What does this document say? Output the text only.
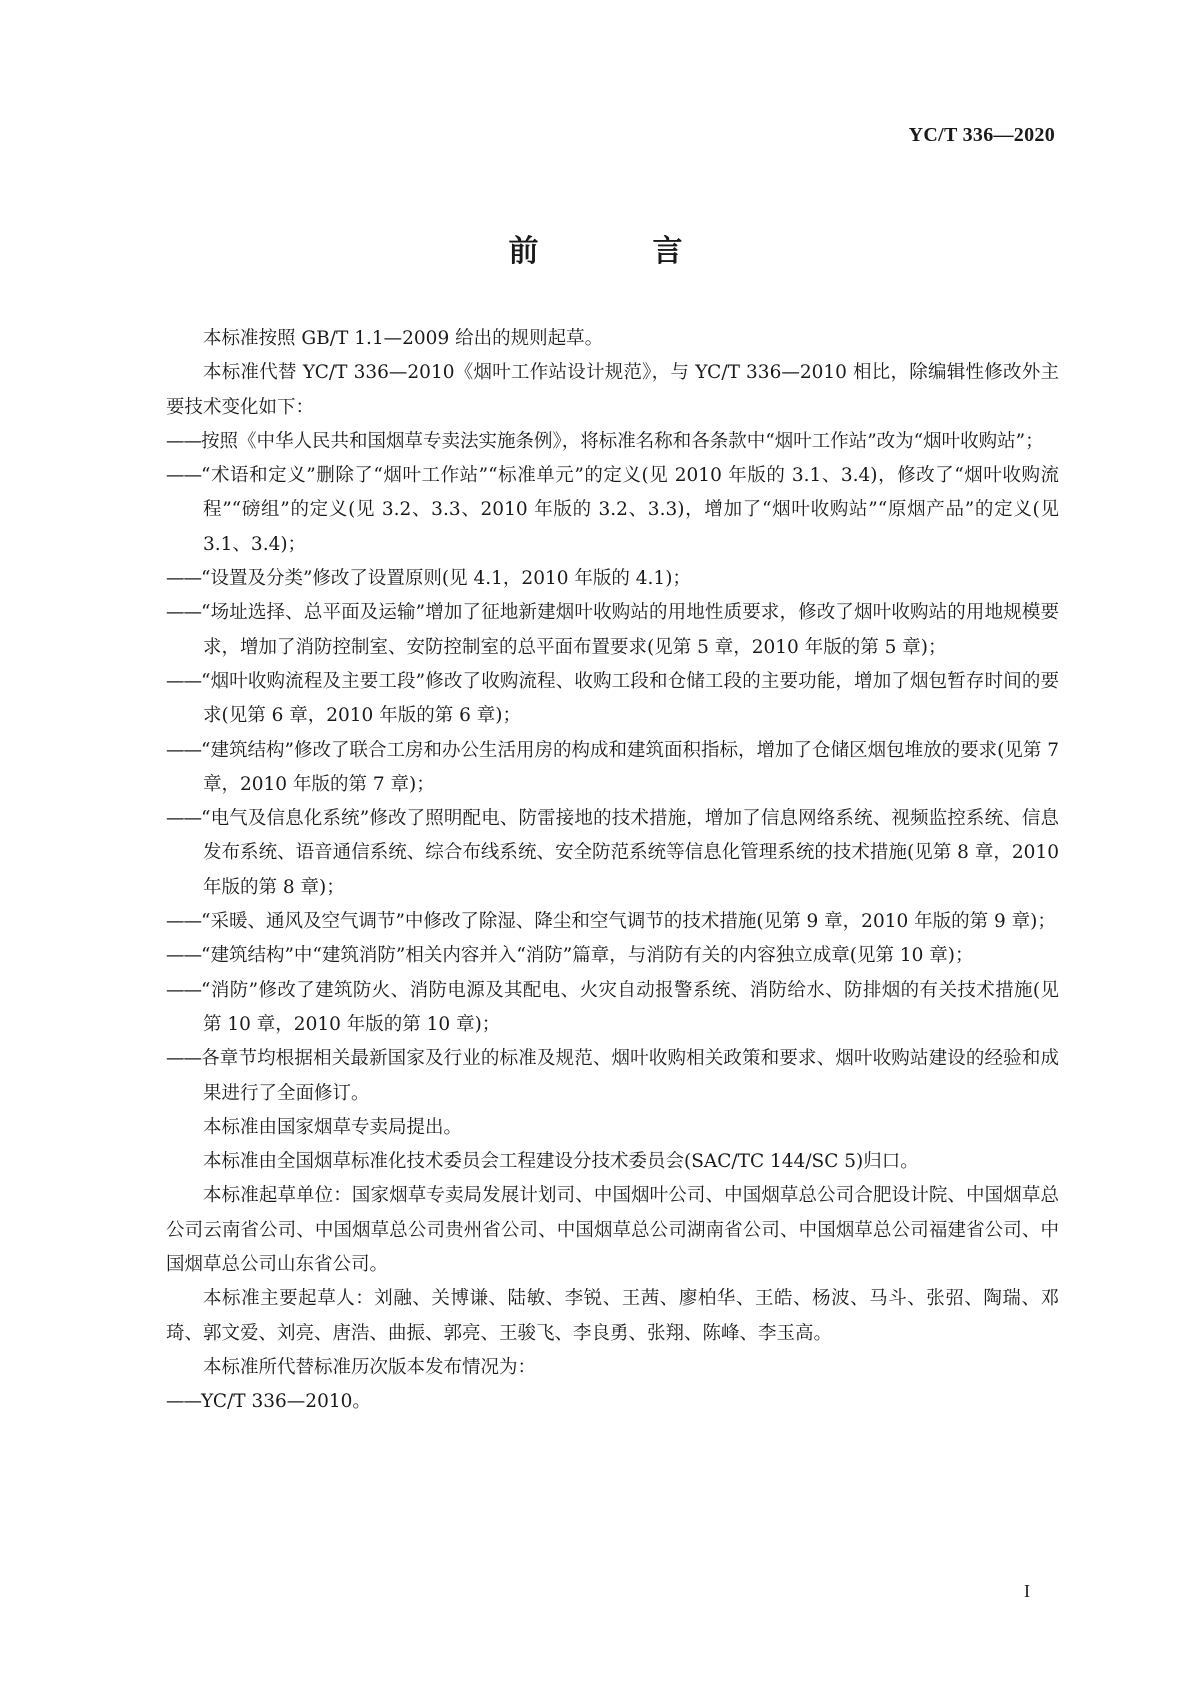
YC/T 336—2020
前　言

本标准按照 GB/T 1.1—2009 给出的规则起草。

本标准代替 YC/T 336—2010《烟叶工作站设计规范》，与 YC/T 336—2010 相比，除编辑性修改外主要技术变化如下：

——按照《中华人民共和国烟草专卖法实施条例》，将标准名称和各条款中“烟叶工作站”改为“烟叶收购站”；

——“术语和定义”删除了“烟叶工作站”“标准单元”的定义(见 2010 年版的 3.1、3.4)，修改了“烟叶收购流程”“磅组”的定义(见 3.2、3.3、2010 年版的 3.2、3.3)，增加了“烟叶收购站”“原烟产品”的定义(见 3.1、3.4)；

——“设置及分类”修改了设置原则(见 4.1，2010 年版的 4.1)；

——“场址选择、总平面及运输”增加了征地新建烟叶收购站的用地性质要求，修改了烟叶收购站的用地规模要求，增加了消防控制室、安防控制室的总平面布置要求(见第 5 章，2010 年版的第 5 章)；

——“烟叶收购流程及主要工段”修改了收购流程、收购工段和仓储工段的主要功能，增加了烟包暂存时间的要求(见第 6 章，2010 年版的第 6 章)；

——“建筑结构”修改了联合工房和办公生活用房的构成和建筑面积指标，增加了仓储区烟包堆放的要求(见第 7 章，2010 年版的第 7 章)；

——“电气及信息化系统”修改了照明配电、防雷接地的技术措施，增加了信息网络系统、视频监控系统、信息发布系统、语音通信系统、综合布线系统、安全防范系统等信息化管理系统的技术措施(见第 8 章，2010 年版的第 8 章)；

——“采暖、通风及空气调节”中修改了除湿、降尘和空气调节的技术措施(见第 9 章，2010 年版的第 9 章)；

——“建筑结构”中“建筑消防”相关内容并入“消防”篇章，与消防有关的内容独立成章(见第 10 章)；

——“消防”修改了建筑防火、消防电源及其配电、火灾自动报警系统、消防给水、防排烟的有关技术措施(见第 10 章，2010 年版的第 10 章)；

——各章节均根据相关最新国家及行业的标准及规范、烟叶收购相关政策和要求、烟叶收购站建设的经验和成果进行了全面修订。

本标准由国家烟草专卖局提出。

本标准由全国烟草标准化技术委员会工程建设分技术委员会(SAC/TC 144/SC 5)归口。

本标准起草单位：国家烟草专卖局发展计划司、中国烟叶公司、中国烟草总公司合肥设计院、中国烟草总公司云南省公司、中国烟草总公司贵州省公司、中国烟草总公司湖南省公司、中国烟草总公司福建省公司、中国烟草总公司山东省公司。

本标准主要起草人：刘融、关博谦、陆敏、李锐、王茜、廖柏华、王皓、杨波、马斗、张弨、陶瑞、邓琦、郭文爱、刘亮、唐浩、曲振、郭亮、王骏飞、李良勇、张翔、陈峰、李玉高。

本标准所代替标准历次版本发布情况为：

——YC/T 336—2010。

I
